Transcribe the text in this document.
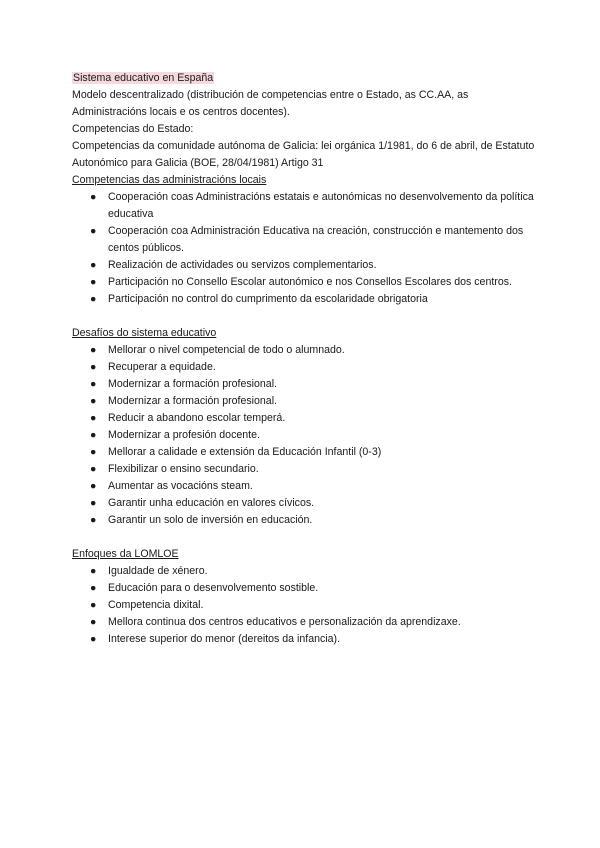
Sistema educativo en España

Modelo descentralizado (distribución de competencias entre o Estado, as CC.AA, as Administracións locais e os centros docentes).

Competencias do Estado:

Competencias da comunidade autónoma de Galicia: lei orgánica 1/1981, do 6 de abril, de Estatuto Autonómico para Galicia (BOE, 28/04/1981) Artigo 31

Competencias das administracións locais

●	Cooperación coas Administracións estatais e autonómicas no desenvolvemento da política educativa
●	Cooperación coa Administración Educativa na creación, construcción e mantemento dos centos públicos.
●	Realización de actividades ou servizos complementarios.
●	Participación no Consello Escolar autonómico e nos Consellos Escolares dos centros.
●	Participación no control do cumprimento da escolaridade obrigatoria

Desafíos do sistema educativo

●	Mellorar o nivel competencial de todo o alumnado.
●	Recuperar a equidade.
●	Modernizar a formación profesional.
●	Modernizar a formación profesional.
●	Reducir a abandono escolar temperá.
●	Modernizar a profesión docente.
●	Mellorar a calidade e extensión da Educación Infantil (0-3)
●	Flexibilizar o ensino secundario.
●	Aumentar as vocacións steam.
●	Garantir unha educación en valores cívicos.
●	Garantir un solo de inversión en educación.

Enfoques da LOMLOE

●	Igualdade de xénero.
●	Educación para o desenvolvemento sostible.
●	Competencia dixital.
●	Mellora continua dos centros educativos e personalización da aprendizaxe.
●	Interese superior do menor (dereitos da infancia).
